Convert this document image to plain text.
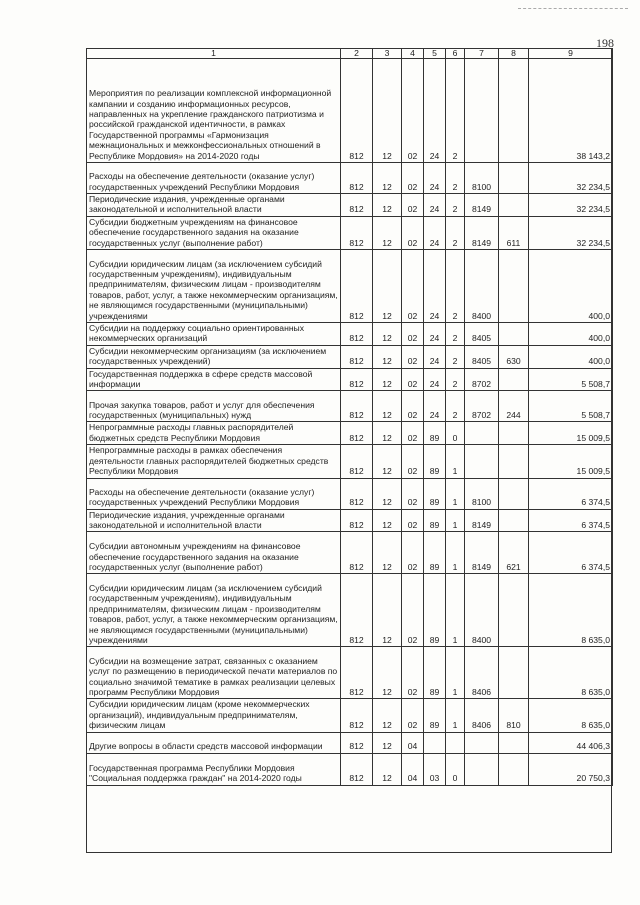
198
1	2	3	4	5	6	7	8	9
Мероприятия по реализации комплексной информационной кампании и созданию информационных ресурсов, направленных на укрепление гражданского патриотизма и российской гражданской идентичности, в рамках Государственной программы «Гармонизация межнациональных и межконфессиональных отношений в Республике Мордовия» на 2014-2020 годы	812	12	02	24	2			38 143,2
Расходы на обеспечение деятельности (оказание услуг) государственных учреждений Республики Мордовия	812	12	02	24	2	8100		32 234,5
Периодические издания, учрежденные органами законодательной и исполнительной власти	812	12	02	24	2	8149		32 234,5
Субсидии бюджетным учреждениям на финансовое обеспечение государственного задания на оказание государственных услуг (выполнение работ)	812	12	02	24	2	8149	611	32 234,5
Субсидии юридическим лицам (за исключением субсидий государственным учреждениям), индивидуальным предпринимателям, физическим лицам - производителям товаров, работ, услуг, а также некоммерческим организациям, не являющимся государственными (муниципальными) учреждениями	812	12	02	24	2	8400		400,0
Субсидии на поддержку социально ориентированных некоммерческих организаций	812	12	02	24	2	8405		400,0
Субсидии некоммерческим организациям (за исключением государственных учреждений)	812	12	02	24	2	8405	630	400,0
Государственная поддержка в сфере средств массовой информации	812	12	02	24	2	8702		5 508,7
Прочая закупка товаров, работ и услуг для обеспечения государственных (муниципальных) нужд	812	12	02	24	2	8702	244	5 508,7
Непрограммные расходы главных распорядителей бюджетных средств Республики Мордовия	812	12	02	89	0			15 009,5
Непрограммные расходы в рамках обеспечения деятельности главных распорядителей бюджетных средств Республики Мордовия	812	12	02	89	1			15 009,5
Расходы на обеспечение деятельности (оказание услуг) государственных учреждений Республики Мордовия	812	12	02	89	1	8100		6 374,5
Периодические издания, учрежденные органами законодательной и исполнительной власти	812	12	02	89	1	8149		6 374,5
Субсидии автономным учреждениям на финансовое обеспечение государственного задания на оказание государственных услуг (выполнение работ)	812	12	02	89	1	8149	621	6 374,5
Субсидии юридическим лицам (за исключением субсидий государственным учреждениям), индивидуальным предпринимателям, физическим лицам - производителям товаров, работ, услуг, а также некоммерческим организациям, не являющимся государственными (муниципальными) учреждениями	812	12	02	89	1	8400		8 635,0
Субсидии на возмещение затрат, связанных с оказанием услуг по размещению в периодической печати материалов по социально значимой тематике в рамках реализации целевых программ Республики Мордовия	812	12	02	89	1	8406		8 635,0
Субсидии юридическим лицам (кроме некоммерческих организаций), индивидуальным предпринимателям, физическим лицам	812	12	02	89	1	8406	810	8 635,0
Другие вопросы в области средств массовой информации	812	12	04					44 406,3
Государственная программа Республики Мордовия "Социальная поддержка граждан" на 2014-2020 годы	812	12	04	03	0			20 750,3
